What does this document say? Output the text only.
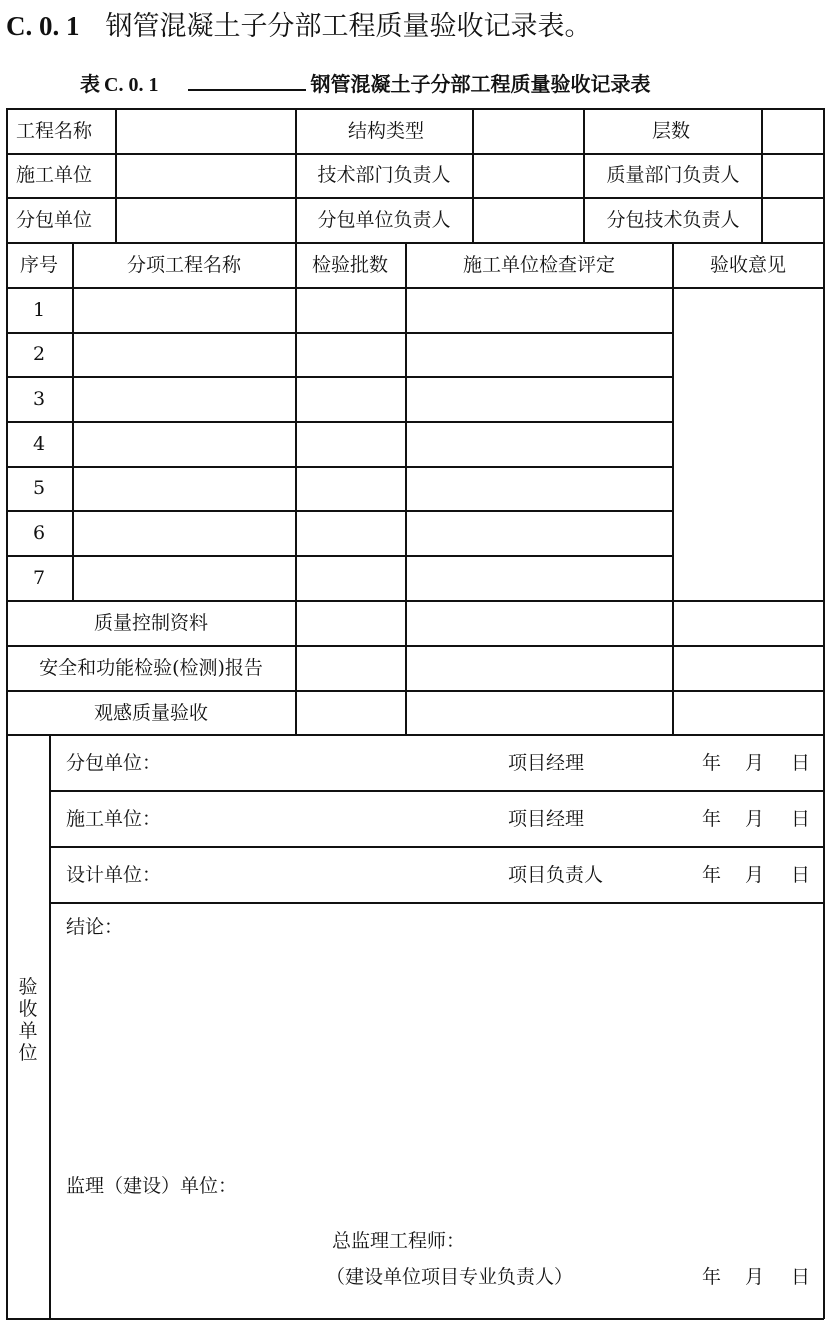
C. 0. 1 钢管混凝土子分部工程质量验收记录表。
表 C. 0. 1	钢管混凝土子分部工程质量验收记录表
工程名称	结构类型	层数
施工单位	技术部门负责人	质量部门负责人
分包单位	分包单位负责人	分包技术负责人
序号	分项工程名称	检验批数	施工单位检查评定	验收意见
1
2
3
4
5
6
7
质量控制资料
安全和功能检验(检测)报告
观感质量验收
验收单位
分包单位：	项目经理	年 月 日
施工单位：	项目经理	年 月 日
设计单位：	项目负责人	年 月 日
结论：
监理（建设）单位：
总监理工程师：
（建设单位项目专业负责人）	年 月 日
